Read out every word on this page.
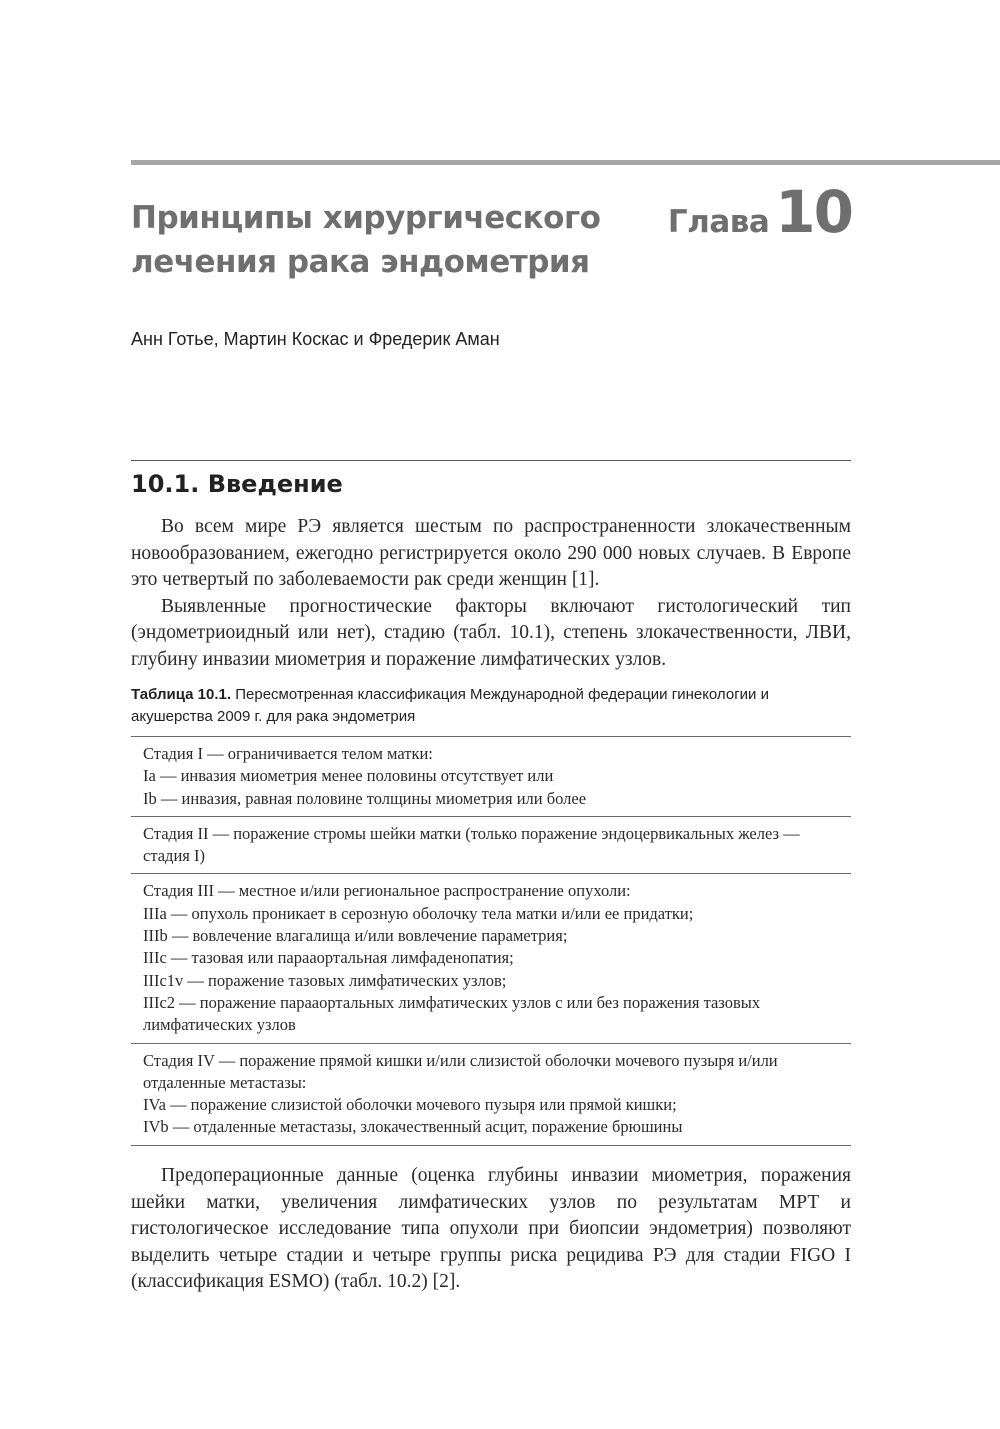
Принципы хирургического
лечения рака эндометрия
Глава 10
Анн Готье, Мартин Коскас и Фредерик Аман
10.1. Введение

Во всем мире РЭ является шестым по распространенности злокачественным новообразованием, ежегодно регистрируется около 290 000 новых случаев. В Европе это четвертый по заболеваемости рак среди женщин [1].

Выявленные прогностические факторы включают гистологический тип (эндометриоидный или нет), стадию (табл. 10.1), степень злокачественности, ЛВИ, глубину инвазии миометрия и поражение лимфатических узлов.

Таблица 10.1. Пересмотренная классификация Международной федерации гинекологии и акушерства 2009 г. для рака эндометрия
Стадия I — ограничивается телом матки:
Ia — инвазия миометрия менее половины отсутствует или
Ib — инвазия, равная половине толщины миометрия или более
Стадия II — поражение стромы шейки матки (только поражение эндоцервикальных желез — стадия I)
Стадия III — местное и/или региональное распространение опухоли:
IIIa — опухоль проникает в серозную оболочку тела матки и/или ее придатки;
IIIb — вовлечение влагалища и/или вовлечение параметрия;
IIIc — тазовая или парааортальная лимфаденопатия;
IIIc1v — поражение тазовых лимфатических узлов;
IIIc2 — поражение парааортальных лимфатических узлов с или без поражения тазовых лимфатических узлов
Стадия IV — поражение прямой кишки и/или слизистой оболочки мочевого пузыря и/или отдаленные метастазы:
IVa — поражение слизистой оболочки мочевого пузыря или прямой кишки;
IVb — отдаленные метастазы, злокачественный асцит, поражение брюшины

Предоперационные данные (оценка глубины инвазии миометрия, поражения шейки матки, увеличения лимфатических узлов по результатам МРТ и гистологическое исследование типа опухоли при биопсии эндометрия) позволяют выделить четыре стадии и четыре группы риска рецидива РЭ для стадии FIGO I (классификация ESMO) (табл. 10.2) [2].
